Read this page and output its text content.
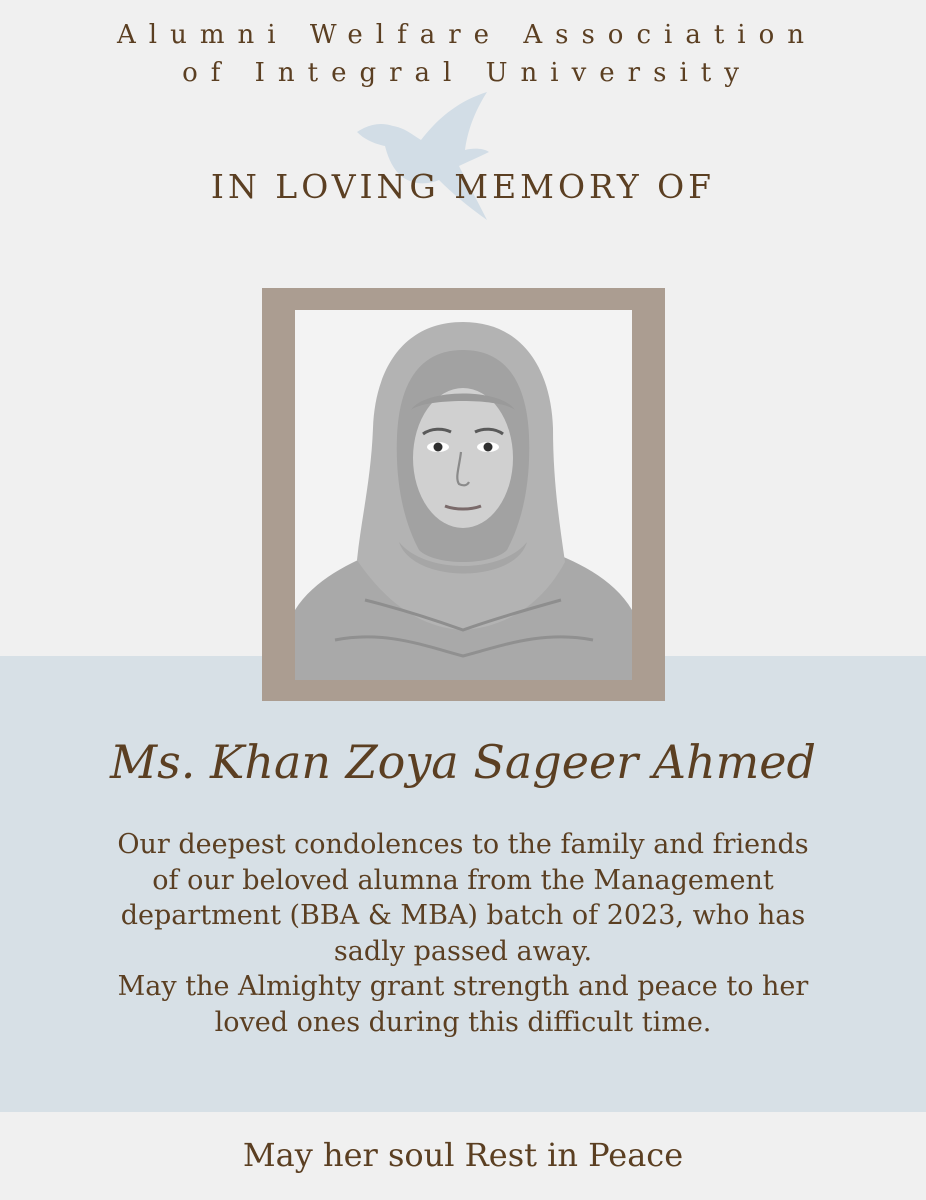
Alumni Welfare Association
of Integral University
IN LOVING MEMORY OF
Ms. Khan Zoya Sageer Ahmed
Our deepest condolences to the family and friends
of our beloved alumna from the Management
department (BBA & MBA) batch of 2023, who has
sadly passed away.
May the Almighty grant strength and peace to her
loved ones during this difficult time.
May her soul Rest in Peace
